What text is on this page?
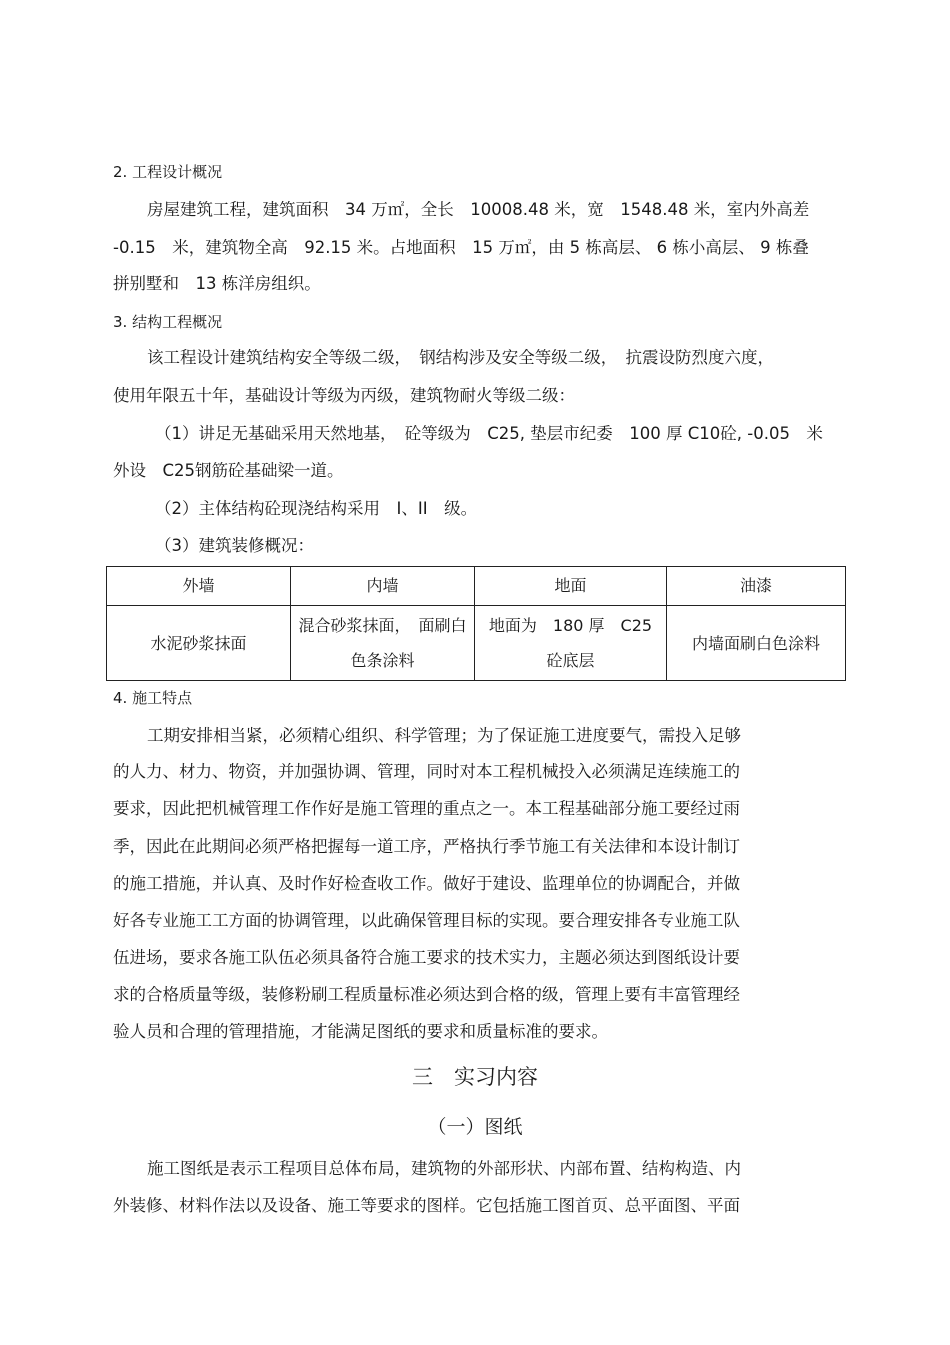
2. 工程设计概况

房屋建筑工程，建筑面积　34 万㎡，全长　10008.48 米，宽　1548.48 米，室内外高差

-0.15　米，建筑物全高　92.15 米。占地面积　15 万㎡，由 5 栋高层、 6 栋小高层、 9 栋叠

拼别墅和　13 栋洋房组织。

3. 结构工程概况

该工程设计建筑结构安全等级二级，　钢结构涉及安全等级二级，　抗震设防烈度六度，

使用年限五十年，基础设计等级为丙级，建筑物耐火等级二级：

（1）讲足无基础采用天然地基，　砼等级为　C25, 垫层市纪委　100 厚 C10砼, -0.05　米

外设　C25钢筋砼基础梁一道。

（2）主体结构砼现浇结构采用　I、II　级。

（3）建筑装修概况：

外墙	内墙	地面	油漆
水泥砂浆抹面	混合砂浆抹面，　面刷白色条涂料	地面为　180 厚　C25砼底层	内墙面刷白色涂料

4. 施工特点

工期安排相当紧，必须精心组织、科学管理；为了保证施工进度要气，需投入足够

的人力、材力、物资，并加强协调、管理，同时对本工程机械投入必须满足连续施工的

要求，因此把机械管理工作作好是施工管理的重点之一。本工程基础部分施工要经过雨

季，因此在此期间必须严格把握每一道工序，严格执行季节施工有关法律和本设计制订

的施工措施，并认真、及时作好检查收工作。做好于建设、监理单位的协调配合，并做

好各专业施工工方面的协调管理，以此确保管理目标的实现。要合理安排各专业施工队

伍进场，要求各施工队伍必须具备符合施工要求的技术实力，主题必须达到图纸设计要

求的合格质量等级，装修粉刷工程质量标准必须达到合格的级，管理上要有丰富管理经

验人员和合理的管理措施，才能满足图纸的要求和质量标准的要求。

三　实习内容

（一）图纸

施工图纸是表示工程项目总体布局，建筑物的外部形状、内部布置、结构构造、内

外装修、材料作法以及设备、施工等要求的图样。它包括施工图首页、总平面图、平面
